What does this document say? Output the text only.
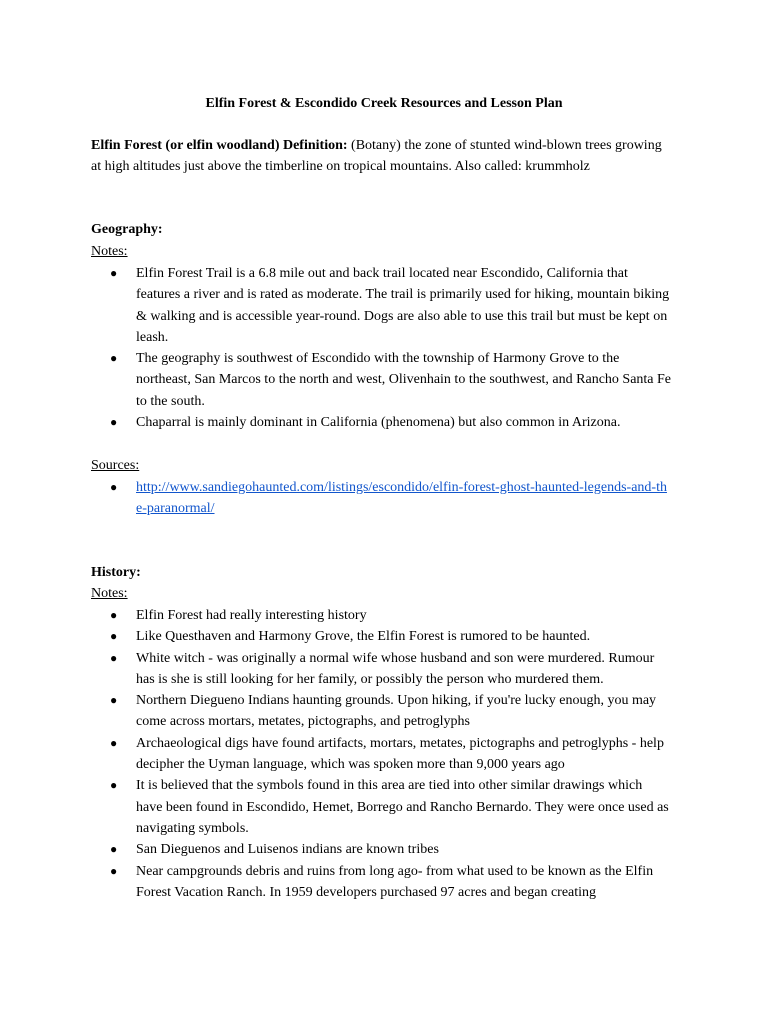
Elfin Forest & Escondido Creek Resources and Lesson Plan
Elfin Forest (or elfin woodland) Definition: (Botany) the zone of stunted wind-blown trees growing at high altitudes just above the timberline on tropical mountains. Also called: krummholz
Geography:
Notes:
● Elfin Forest Trail is a 6.8 mile out and back trail located near Escondido, California that features a river and is rated as moderate. The trail is primarily used for hiking, mountain biking & walking and is accessible year-round. Dogs are also able to use this trail but must be kept on leash.
● The geography is southwest of Escondido with the township of Harmony Grove to the northeast, San Marcos to the north and west, Olivenhain to the southwest, and Rancho Santa Fe to the south.
● Chaparral is mainly dominant in California (phenomena) but also common in Arizona.
Sources:
● http://www.sandiegohaunted.com/listings/escondido/elfin-forest-ghost-haunted-legends-and-the-paranormal/
History:
Notes:
● Elfin Forest had really interesting history
● Like Questhaven and Harmony Grove, the Elfin Forest is rumored to be haunted.
● White witch - was originally a normal wife whose husband and son were murdered. Rumour has is she is still looking for her family, or possibly the person who murdered them.
● Northern Diegueno Indians haunting grounds. Upon hiking, if you're lucky enough, you may come across mortars, metates, pictographs, and petroglyphs
● Archaeological digs have found artifacts, mortars, metates, pictographs and petroglyphs - help decipher the Uyman language, which was spoken more than 9,000 years ago
● It is believed that the symbols found in this area are tied into other similar drawings which have been found in Escondido, Hemet, Borrego and Rancho Bernardo. They were once used as navigating symbols.
● San Dieguenos and Luisenos indians are known tribes
● Near campgrounds debris and ruins from long ago- from what used to be known as the Elfin Forest Vacation Ranch. In 1959 developers purchased 97 acres and began creating
